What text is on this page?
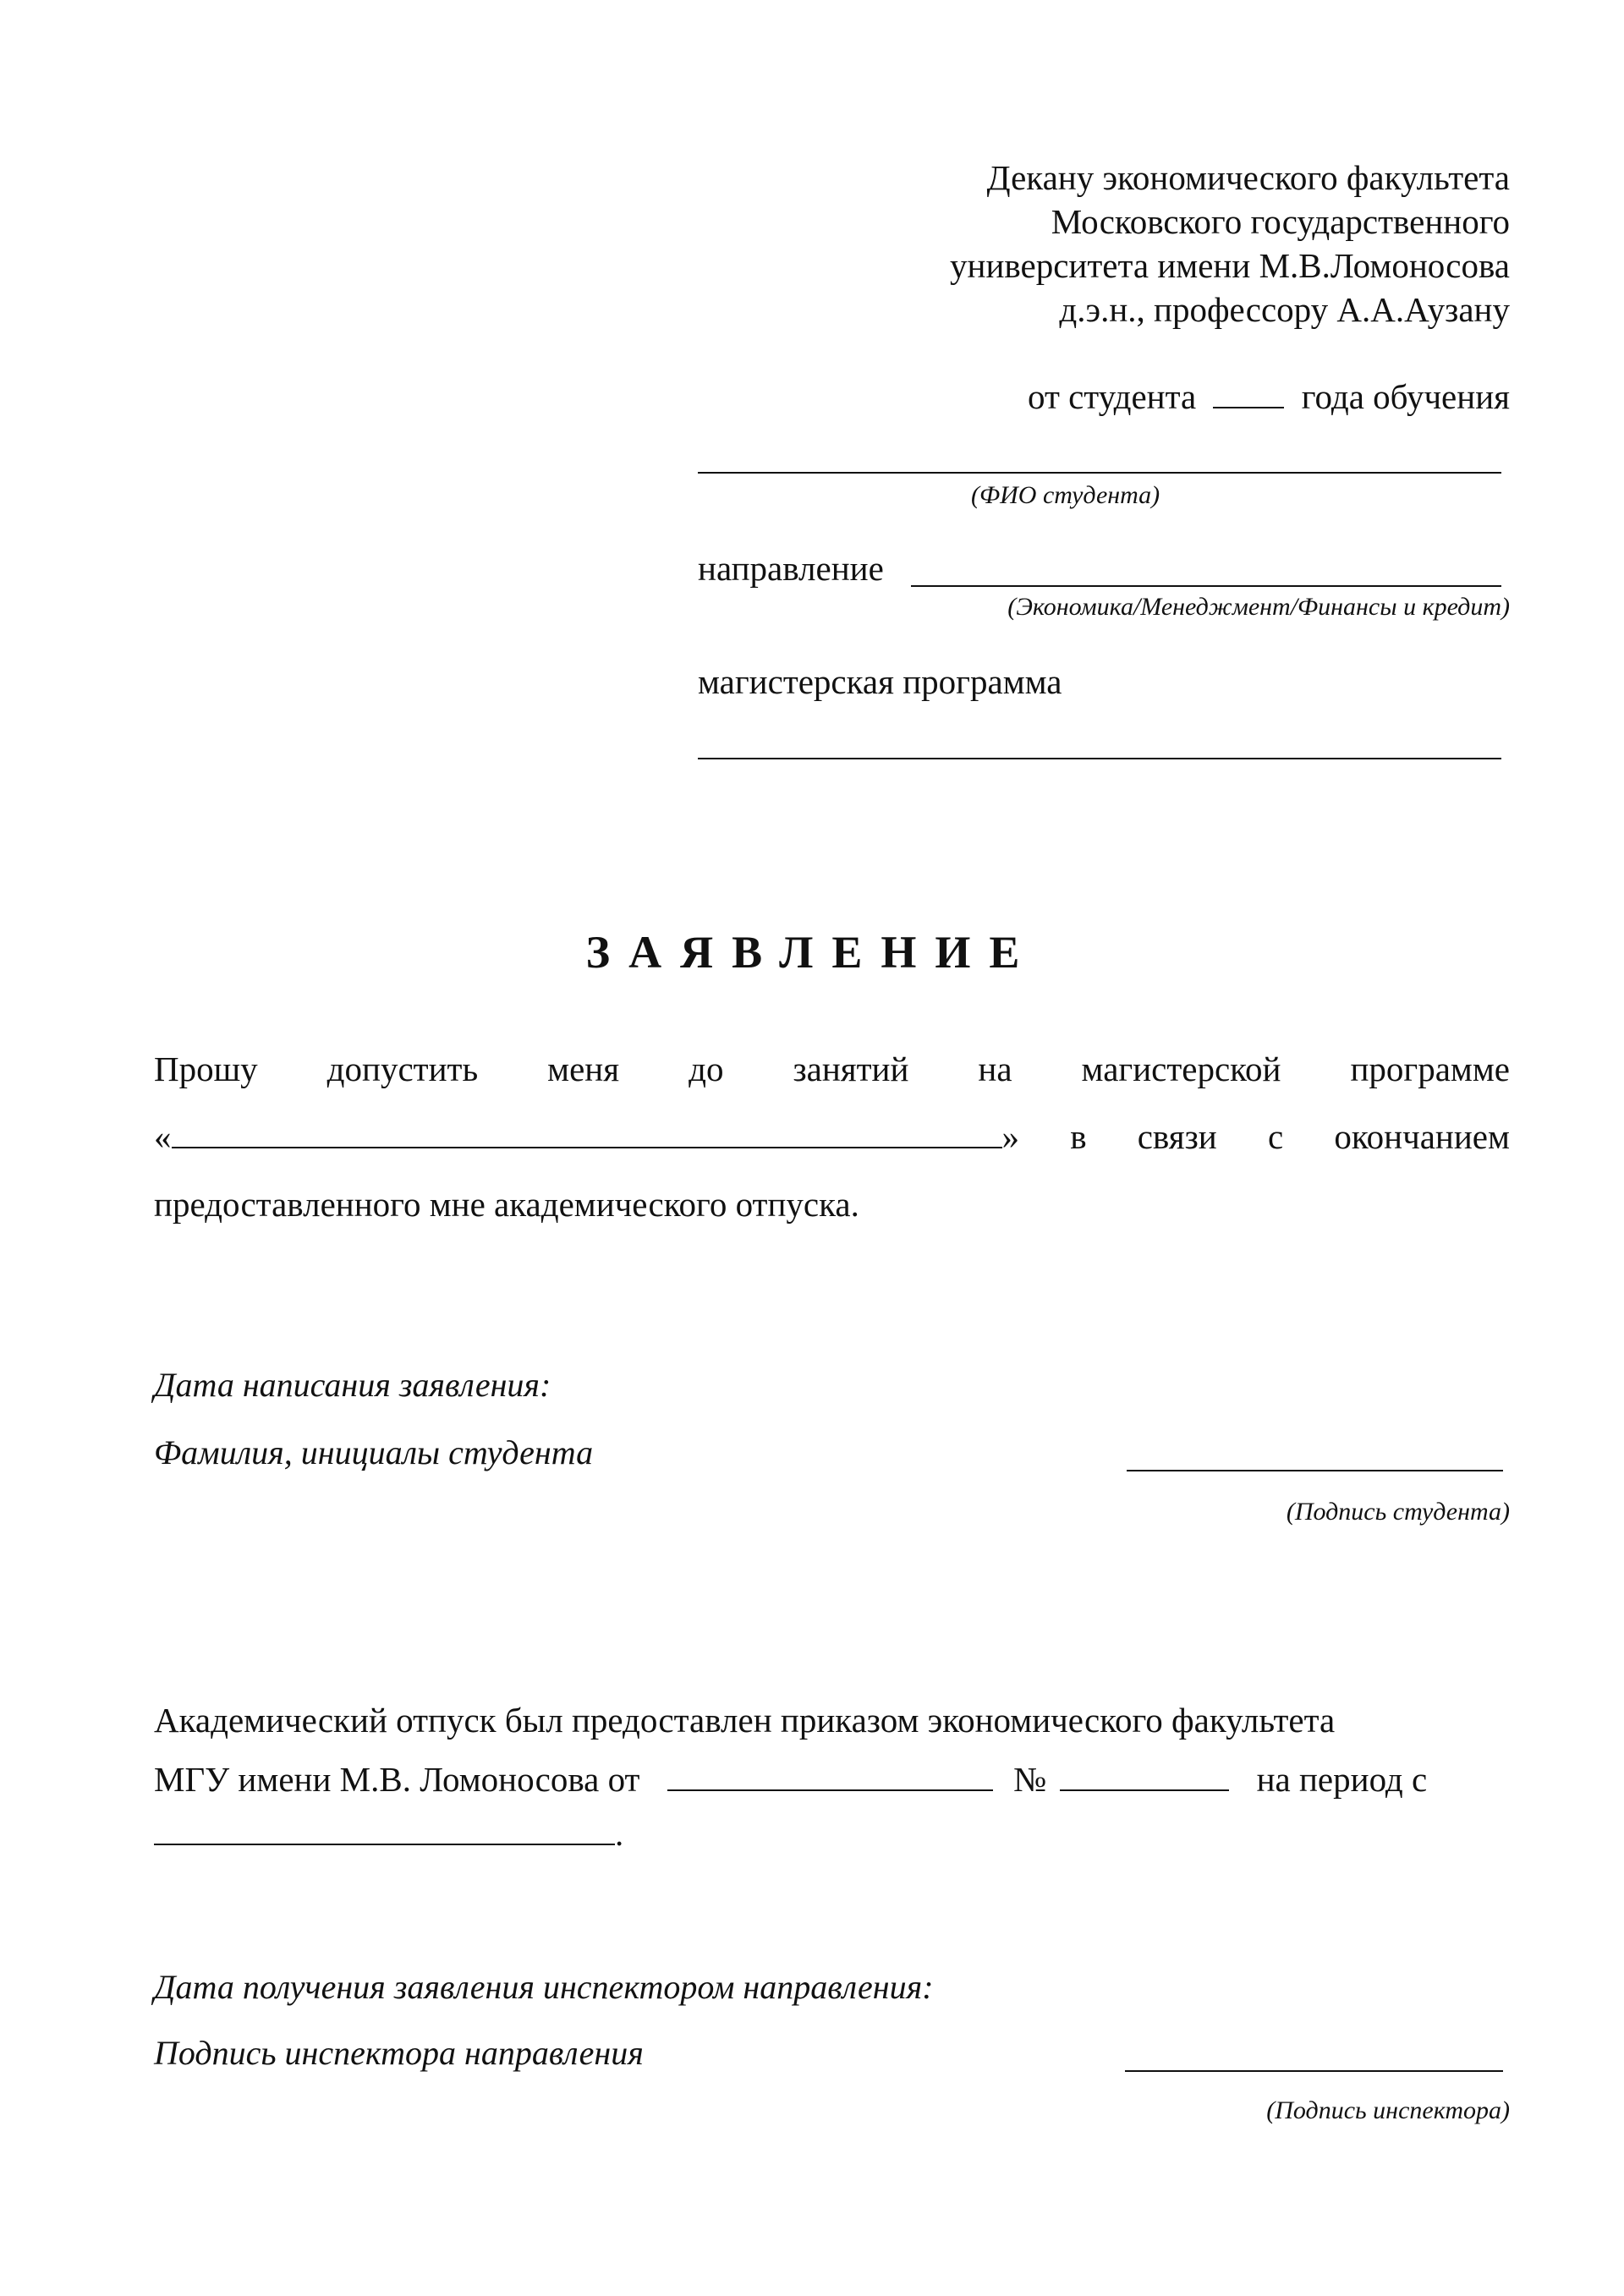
Декану экономического факультета
Московского государственного
университета имени М.В.Ломоносова
д.э.н., профессору А.А.Аузану
от студента	года обучения
(ФИО студента)
направление
(Экономика/Менеджмент/Финансы и кредит)
магистерская программа
ЗАЯВЛЕНИЕ
Прошу допустить меня до занятий на магистерской программе
«	» в связи с окончанием
предоставленного мне академического отпуска.
Дата написания заявления:
Фамилия, инициалы студента
(Подпись студента)
Академический отпуск был предоставлен приказом экономического факультета
МГУ имени М.В. Ломоносова от	№	на период с
.
Дата получения заявления инспектором направления:
Подпись инспектора направления
(Подпись инспектора)
